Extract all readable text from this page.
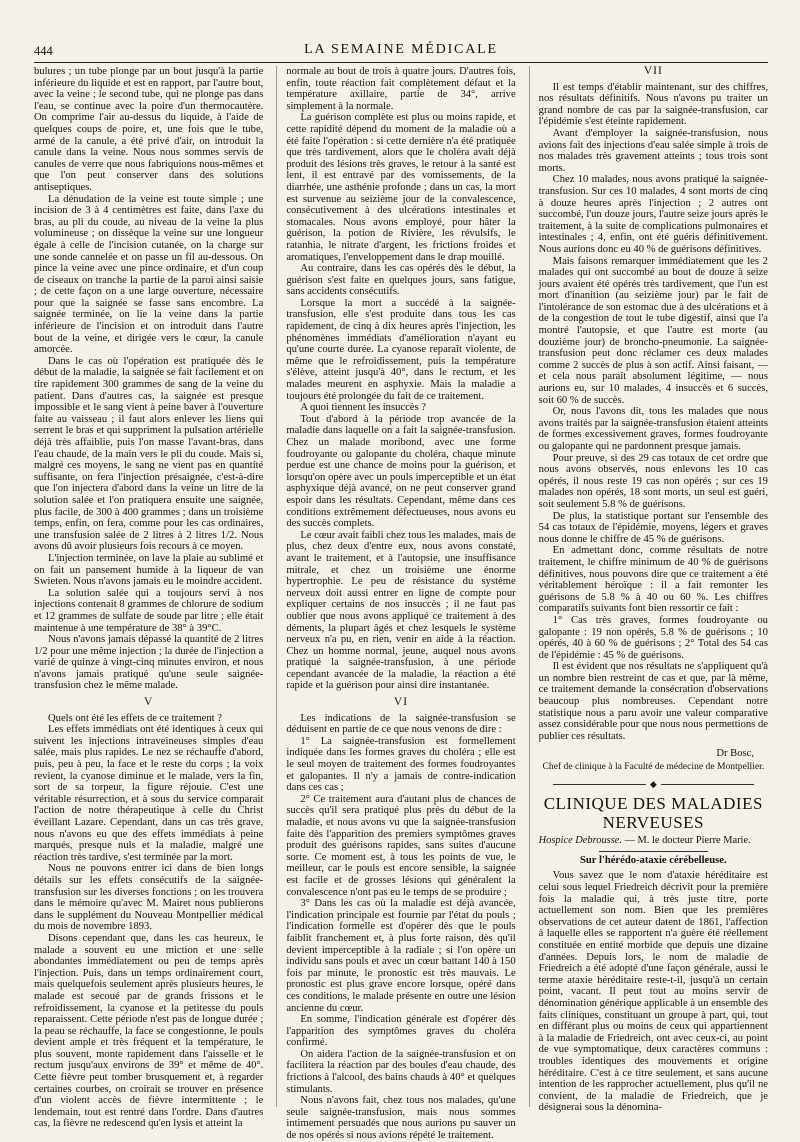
444	LA SEMAINE MÉDICALE

bulures ; un tube plonge par un bout jusqu'à la partie inférieure du liquide et est en rapport, par l'autre bout, avec la veine ; le second tube, qui ne plonge pas dans l'eau, se continue avec la poire d'un thermocautère. On comprime l'air au-dessus du liquide, à l'aide de quelques coups de poire, et, une fois que le tube, armé de la canule, a été privé d'air, on introduit la canule dans la veine. Nous nous sommes servis de canules de verre que nous fabriquions nous-mêmes et que l'on peut conserver dans des solutions antiseptiques.

La dénudation de la veine est toute simple ; une incision de 3 à 4 centimètres est faite, dans l'axe du bras, au pli du coude, au niveau de la veine la plus volumineuse ; on dissèque la veine sur une longueur égale à celle de l'incision cutanée, on la charge sur une sonde cannelée et on passe un fil au-dessous. On pince la veine avec une pince ordinaire, et d'un coup de ciseaux on tranche la partie de la paroi ainsi saisie ; de cette façon on a une large ouverture, nécessaire pour que la saignée se fasse sans encombre. La saignée terminée, on lie la veine dans la partie inférieure de l'incision et on introduit dans l'autre bout de la veine, et dirigée vers le cœur, la canule amorcée.

Dans le cas où l'opération est pratiquée dès le début de la maladie, la saignée se fait facilement et on tire rapidement 300 grammes de sang de la veine du patient. Dans d'autres cas, la saignée est presque impossible et le sang vient à peine baver à l'ouverture faite au vaisseau ; il faut alors enlever les liens qui serrent le bras et qui suppriment la pulsation artérielle déjà très affaiblie, puis l'on masse l'avant-bras, dans l'eau chaude, de la main vers le pli du coude. Mais si, malgré ces moyens, le sang ne vient pas en quantité suffisante, on fera l'injection présaignée, c'est-à-dire que l'on injectera d'abord dans la veine un litre de la solution salée et l'on pratiquera ensuite une saignée, plus facile, de 300 à 400 grammes ; dans un troisième temps, enfin, on fera, comme pour les cas ordinaires, une transfusion salée de 2 litres à 2 litres 1/2. Nous avons dû avoir plusieurs fois recours à ce moyen.

L'injection terminée, on lave la plaie au sublimé et on fait un pansement humide à la liqueur de van Swieten. Nous n'avons jamais eu le moindre accident.

La solution salée qui a toujours servi à nos injections contenait 8 grammes de chlorure de sodium et 12 grammes de sulfate de soude par litre ; elle était maintenue à une température de 38° à 39°C.

Nous n'avons jamais dépassé la quantité de 2 litres 1/2 pour une même injection ; la durée de l'injection a varié de quinze à vingt-cinq minutes environ, et nous n'avons jamais pratiqué qu'une seule saignée-transfusion chez le même malade.

V

Quels ont été les effets de ce traitement ?

Les effets immédiats ont été identiques à ceux qui suivent les injections intraveineuses simples d'eau salée, mais plus rapides. Le nez se réchauffe d'abord, puis, peu à peu, la face et le reste du corps ; la voix revient, la cyanose diminue et le malade, vers la fin, sort de sa torpeur, la figure réjouie. C'est une véritable résurrection, et à sous du service comparait l'action de notre thérapeutique à celle du Christ éveillant Lazare. Cependant, dans un cas très grave, nous n'avons eu que des effets immédiats à peine marqués, presque nuls et la maladie, malgré une réaction très tardive, s'est terminée par la mort.

Nous ne pouvons entrer ici dans de bien longs détails sur les effets consécutifs de la saignée-transfusion sur les diverses fonctions ; on les trouvera dans le mémoire qu'avec M. Mairet nous publierons dans le supplément du Nouveau Montpellier médical du mois de novembre 1893.

Disons cependant que, dans les cas heureux, le malade a souvent eu une miction et une selle abondantes immédiatement ou peu de temps après l'injection. Puis, dans un temps ordinairement court, mais quelquefois seulement après plusieurs heures, le malade est secoué par de grands frissons et le refroidissement, la cyanose et la petitesse du pouls reparaissent. Cette période n'est pas de longue durée ; la peau se réchauffe, la face se congestionne, le pouls devient ample et très fréquent et la température, le plus souvent, monte rapidement dans l'aisselle et le rectum jusqu'aux environs de 39° et même de 40°. Cette fièvre peut tomber brusquement et, à regarder certaines courbes, on croirait se trouver en présence d'un violent accès de fièvre intermittente ; le lendemain, tout est rentré dans l'ordre. Dans d'autres cas, la fièvre ne redescend qu'en lysis et atteint la

normale au bout de trois à quatre jours. D'autres fois, enfin, toute réaction fait complètement défaut et la température axillaire, partie de 34°, arrive simplement à la normale.

La guérison complète est plus ou moins rapide, et cette rapidité dépend du moment de la maladie où a été faite l'opération : si cette dernière n'a été pratiquée que très tardivement, alors que le choléra avait déjà produit des lésions très graves, le retour à la santé est lent, il est entravé par des vomissements, de la diarrhée, une asthénie profonde ; dans un cas, la mort est survenue au seizième jour de la convalescence, consécutivement à des ulcérations intestinales et stomacales. Nous avons employé, pour hâter la guérison, la potion de Rivière, les révulsifs, le ratanhia, le nitrate d'argent, les frictions froides et aromatiques, l'enveloppement dans le drap mouillé.

Au contraire, dans les cas opérés dès le début, la guérison s'est faite en quelques jours, sans fatigue, sans accidents consécutifs.

Lorsque la mort a succédé à la saignée-transfusion, elle s'est produite dans tous les cas rapidement, de cinq à dix heures après l'injection, les phénomènes immédiats d'amélioration n'ayant eu qu'une courte durée. La cyanose reparaît violente, de même que le refroidissement, puis la température s'élève, atteint jusqu'à 40°, dans le rectum, et les malades meurent en asphyxie. Mais la maladie a toujours été prolongée du fait de ce traitement.

A quoi tiennent les insuccès ?

Tout d'abord à la période trop avancée de la maladie dans laquelle on a fait la saignée-transfusion. Chez un malade moribond, avec une forme foudroyante ou galopante du choléra, chaque minute perdue est une chance de moins pour la guérison, et lorsqu'on opère avec un pouls imperceptible et un état asphyxique déjà avancé, on ne peut conserver grand espoir dans les résultats. Cependant, même dans ces conditions extrêmement défectueuses, nous avons eu des succès complets.

Le cœur avait faibli chez tous les malades, mais de plus, chez deux d'entre eux, nous avons constaté, avant le traitement, et à l'autopsie, une insuffisance mitrale, et chez un troisième une énorme hypertrophie. Le peu de résistance du système nerveux doit aussi entrer en ligne de compte pour expliquer certains de nos insuccès ; il ne faut pas oublier que nous avons appliqué ce traitement à des déments, la plupart âgés et chez lesquels le système nerveux n'a pu, en rien, venir en aide à la réaction. Chez un homme normal, jeune, auquel nous avons pratiqué la saignée-transfusion, à une période cependant avancée de la maladie, la réaction a été rapide et la guérison pour ainsi dire instantanée.

VI

Les indications de la saignée-transfusion se déduisent en partie de ce que nous venons de dire :

1° La saignée-transfusion est formellement indiquée dans les formes graves du choléra ; elle est le seul moyen de traitement des formes foudroyantes et galopantes. Il n'y a jamais de contre-indication dans ces cas ;

2° Ce traitement aura d'autant plus de chances de succès qu'il sera pratiqué plus près du début de la maladie, et nous avons vu que la saignée-transfusion faite dès l'apparition des premiers symptômes graves produit des guérisons rapides, sans suites d'aucune sorte. Ce moment est, à tous les points de vue, le meilleur, car le pouls est encore sensible, la saignée est facile et de grosses lésions qui généralent la convalescence n'ont pas eu le temps de se produire ;

3° Dans les cas où la maladie est déjà avancée, l'indication principale est fournie par l'état du pouls ; l'indication formelle est d'opérer dès que le pouls faiblit franchement et, à plus forte raison, dès qu'il devient imperceptible à la radiale ; si l'on opère un individu sans pouls et avec un cœur battant 140 à 150 fois par minute, le pronostic est très mauvais. Le pronostic est plus grave encore lorsque, opéré dans ces conditions, le malade présente en outre une lésion ancienne du cœur.

En somme, l'indication générale est d'opérer dès l'apparition des symptômes graves du choléra confirmé.

On aidera l'action de la saignée-transfusion et on facilitera la réaction par des boules d'eau chaude, des frictions à l'alcool, des bains chauds à 40° et quelques stimulants.

Nous n'avons fait, chez tous nos malades, qu'une seule saignée-transfusion, mais nous sommes intimement persuadés que nous aurions pu sauver un de nos opérés si nous avions répété le traitement.

VII

Il est temps d'établir maintenant, sur des chiffres, nos résultats définitifs. Nous n'avons pu traiter un grand nombre de cas par la saignée-transfusion, car l'épidémie s'est éteinte rapidement.

Avant d'employer la saignée-transfusion, nous avions fait des injections d'eau salée simple à trois de nos malades très gravement atteints ; tous trois sont morts.

Chez 10 malades, nous avons pratiqué la saignée-transfusion. Sur ces 10 malades, 4 sont morts de cinq à douze heures après l'injection ; 2 autres ont succombé, l'un douze jours, l'autre seize jours après le traitement, à la suite de complications pulmonaires et intestinales ; 4, enfin, ont été guéris définitivement. Nous aurions donc eu 40 % de guérisons définitives.

Mais faisons remarquer immédiatement que les 2 malades qui ont succombé au bout de douze à seize jours avaient été opérés très tardivement, que l'un est mort d'inanition (au seizième jour) par le fait de l'intolérance de son estomac due à des ulcérations et à de la congestion de tout le tube digestif, ainsi que l'a montré l'autopsie, et que l'autre est morte (au douzième jour) de broncho-pneumonie. La saignée-transfusion peut donc réclamer ces deux malades comme 2 succès de plus à son actif. Ainsi faisant, — et cela nous paraît absolument légitime, — nous aurions eu, sur 10 malades, 4 insuccès et 6 succès, soit 60 % de succès.

Or, nous l'avons dit, tous les malades que nous avons traités par la saignée-transfusion étaient atteints de formes excessivement graves, formes foudroyante ou galopante qui ne pardonnent presque jamais.

Pour preuve, si des 29 cas totaux de cet ordre que nous avons observés, nous enlevons les 10 cas opérés, il nous reste 19 cas non opérés ; sur ces 19 malades non opérés, 18 sont morts, un seul est guéri, soit seulement 5.8 % de guérisons.

De plus, la statistique portant sur l'ensemble des 54 cas totaux de l'épidémie, moyens, légers et graves nous donne le chiffre de 45 % de guérisons.

En admettant donc, comme résultats de notre traitement, le chiffre minimum de 40 % de guérisons définitives, nous pouvons dire que ce traitement a été véritablement héroïque : il a fait remonter les guérisons de 5.8 % à 40 ou 60 %. Les chiffres comparatifs suivants font bien ressortir ce fait :

1° Cas très graves, formes foudroyante ou galopante : 19 non opérés, 5.8 % de guérisons ; 10 opérés, 40 à 60 % de guérisons ; 2° Total des 54 cas de l'épidémie : 45 % de guérisons.

Il est évident que nos résultats ne s'appliquent qu'à un nombre bien restreint de cas et que, par là même, ce traitement demande la consécration d'observations beaucoup plus nombreuses. Cependant notre statistique nous a paru avoir une valeur comparative assez considérable pour que nous nous permettions de publier ces résultats.

Dr Bosc,
Chef de clinique à la Faculté de médecine de Montpellier.
◆
CLINIQUE DES MALADIES NERVEUSES
Hospice Debrousse. — M. le docteur Pierre Marie.
Sur l'hérédo-ataxie cérébelleuse.

Vous savez que le nom d'ataxie héréditaire est celui sous lequel Friedreich décrivit pour la première fois la maladie qui, à très juste titre, porte actuellement son nom. Bien que les premières observations de cet auteur datent de 1861, l'affection à laquelle elles se rapportent n'a guère été réellement constituée en entité morbide que depuis une dizaine d'années. Depuis lors, le nom de maladie de Friedreich a été adopté d'une façon générale, aussi le terme ataxie héréditaire reste-t-il, jusqu'à un certain point, vacant. Il peut tout au moins servir de dénomination générique applicable à un ensemble des faits cliniques, constituant un groupe à part, qui, tout en différant plus ou moins de ceux qui appartiennent à la maladie de Friedreich, ont avec ceux-ci, au point de vue symptomatique, deux caractères communs : troubles identiques des mouvements et origine héréditaire. C'est à ce titre seulement, et sans aucune intention de les rapprocher actuellement, plus qu'il ne convient, de la maladie de Friedreich, que je désignerai sous la dénomina-
